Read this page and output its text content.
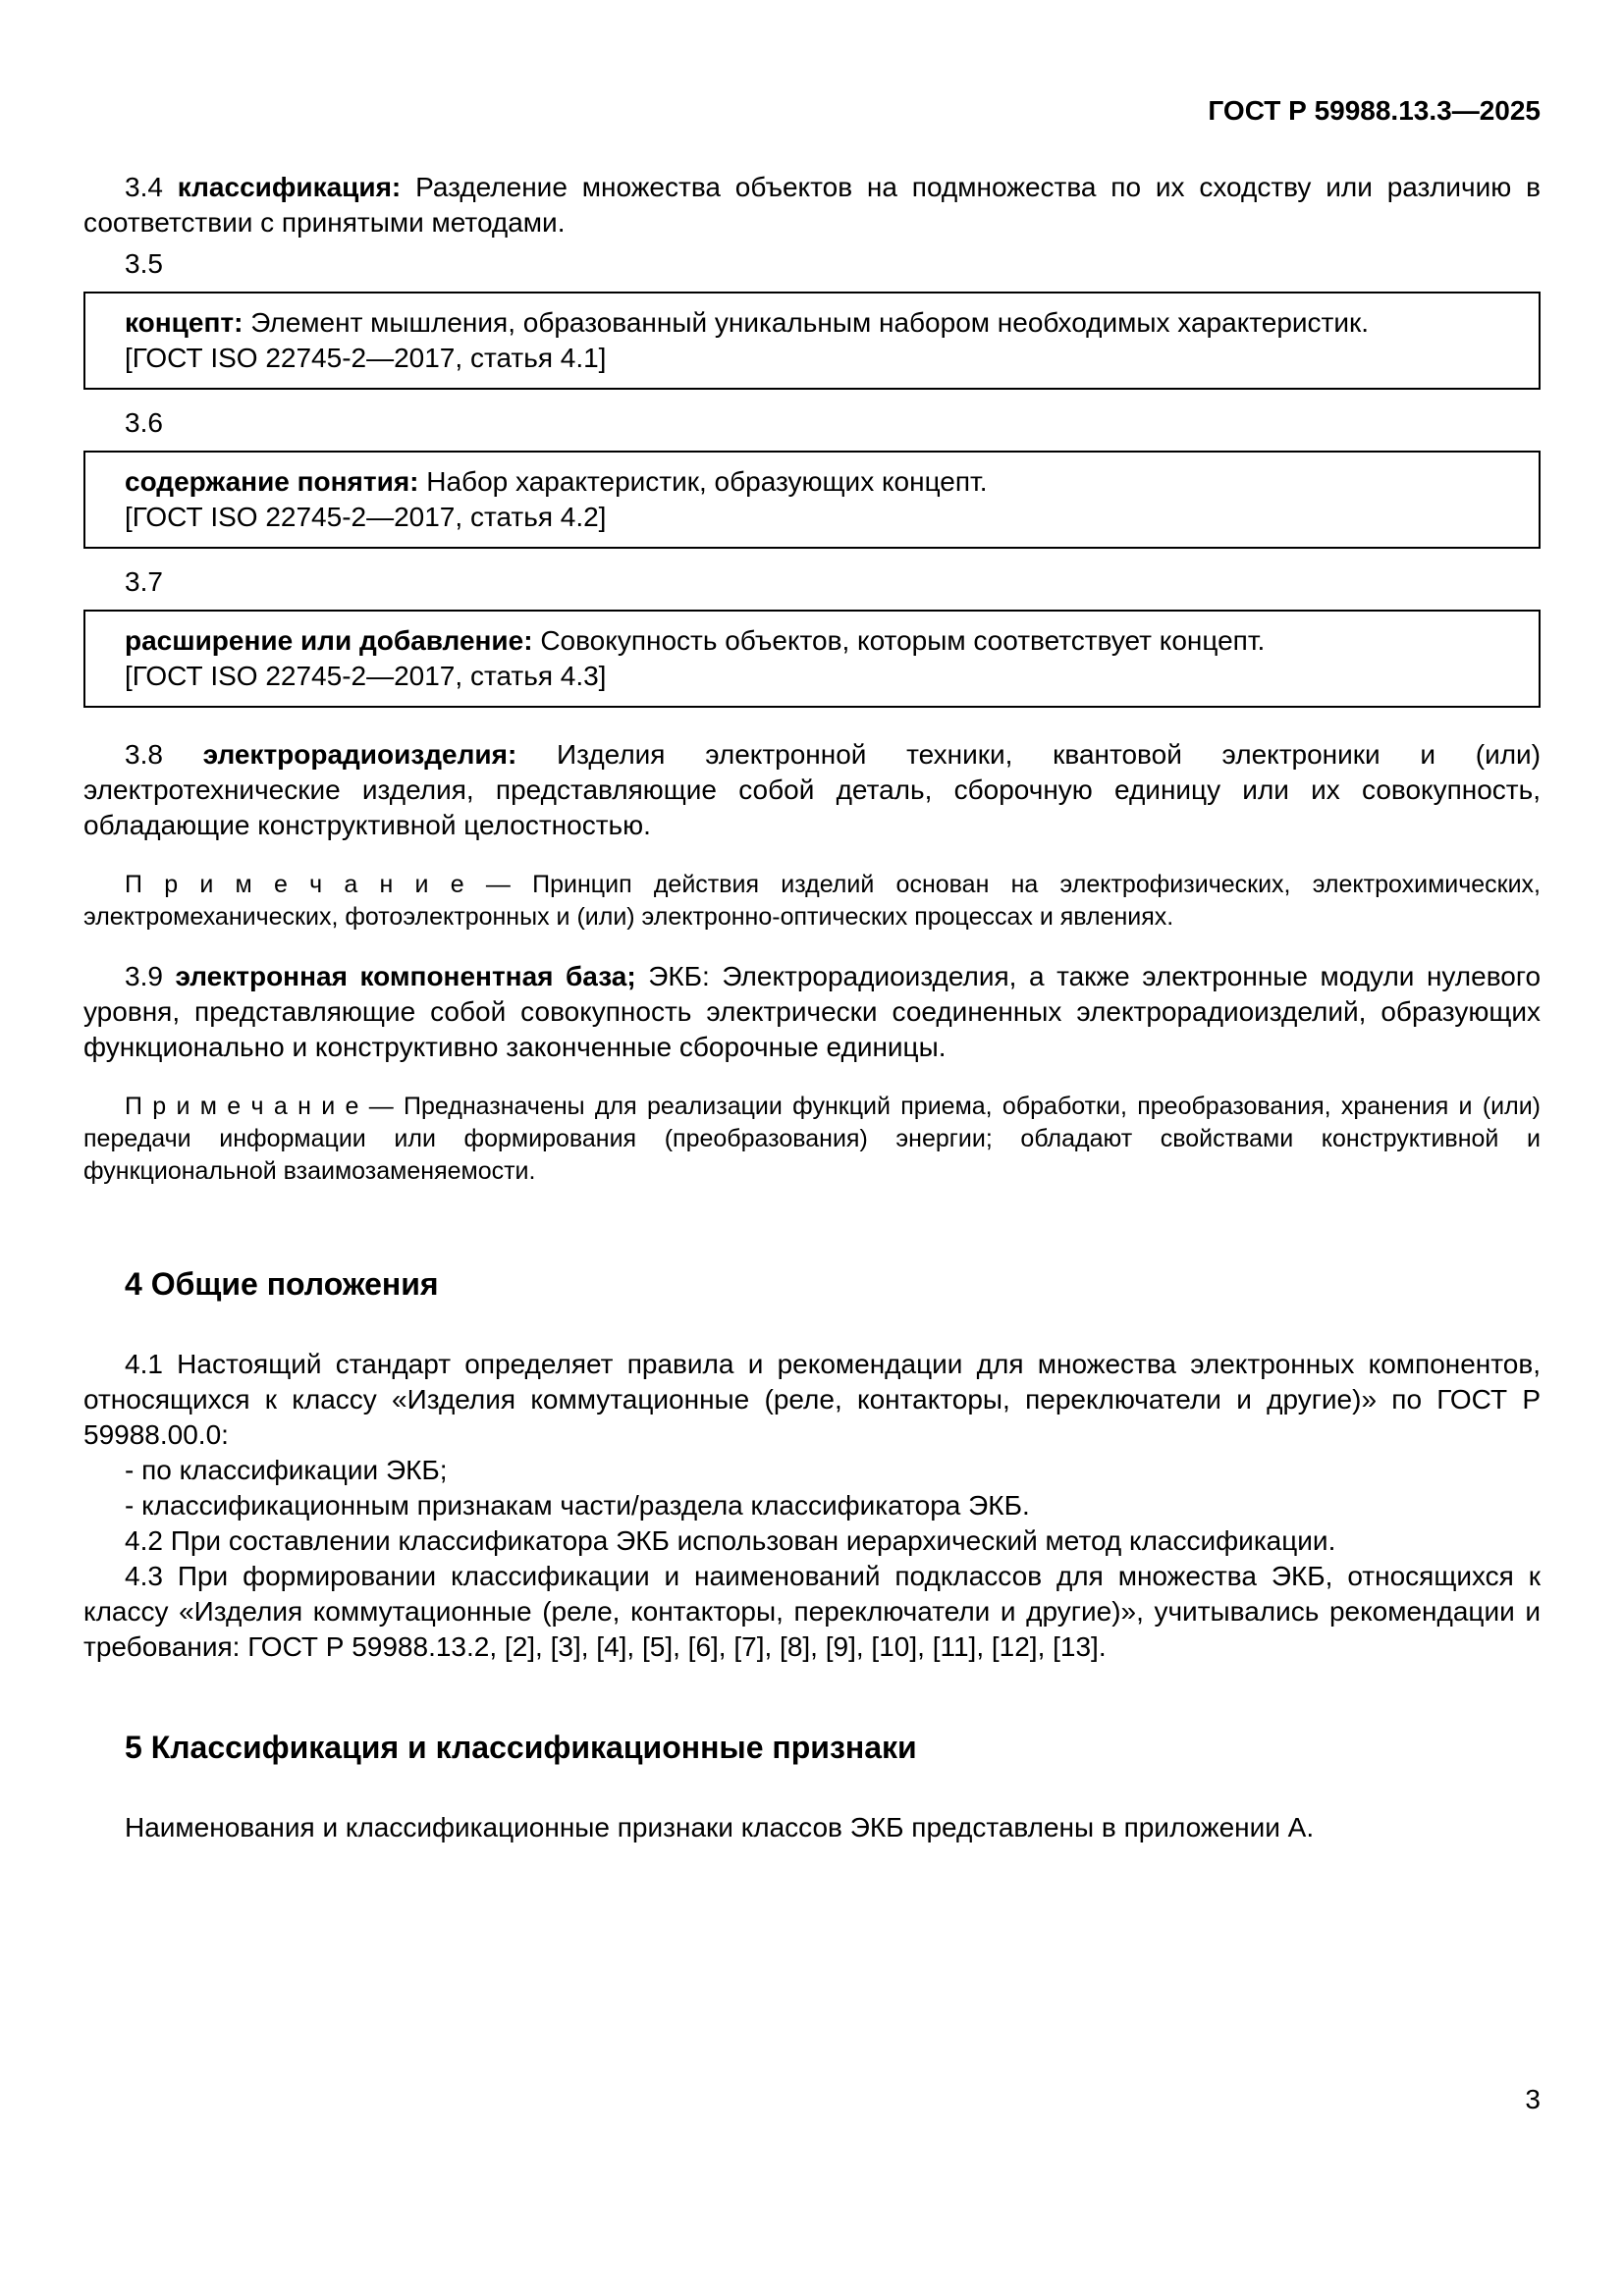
ГОСТ Р 59988.13.3—2025

3.4 классификация: Разделение множества объектов на подмножества по их сходству или различию в соответствии с принятыми методами.

3.5

концепт: Элемент мышления, образованный уникальным набором необходимых характеристик.

[ГОСТ ISO 22745-2—2017, статья 4.1]

3.6

содержание понятия: Набор характеристик, образующих концепт.

[ГОСТ ISO 22745-2—2017, статья 4.2]

3.7

расширение или добавление: Совокупность объектов, которым соответствует концепт.

[ГОСТ ISO 22745-2—2017, статья 4.3]

3.8 электрорадиоизделия: Изделия электронной техники, квантовой электроники и (или) электротехнические изделия, представляющие собой деталь, сборочную единицу или их совокупность, обладающие конструктивной целостностью.

П р и м е ч а н и е — Принцип действия изделий основан на электрофизических, электрохимических, электромеханических, фотоэлектронных и (или) электронно-оптических процессах и явлениях.

3.9 электронная компонентная база; ЭКБ: Электрорадиоизделия, а также электронные модули нулевого уровня, представляющие собой совокупность электрически соединенных электрорадиоизделий, образующих функционально и конструктивно законченные сборочные единицы.

П р и м е ч а н и е — Предназначены для реализации функций приема, обработки, преобразования, хранения и (или) передачи информации или формирования (преобразования) энергии; обладают свойствами конструктивной и функциональной взаимозаменяемости.

4 Общие положения

4.1 Настоящий стандарт определяет правила и рекомендации для множества электронных компонентов, относящихся к классу «Изделия коммутационные (реле, контакторы, переключатели и другие)» по ГОСТ Р 59988.00.0:

- по классификации ЭКБ;

- классификационным признакам части/раздела классификатора ЭКБ.

4.2 При составлении классификатора ЭКБ использован иерархический метод классификации.

4.3 При формировании классификации и наименований подклассов для множества ЭКБ, относящихся к классу «Изделия коммутационные (реле, контакторы, переключатели и другие)», учитывались рекомендации и требования: ГОСТ Р 59988.13.2, [2], [3], [4], [5], [6], [7], [8], [9], [10], [11], [12], [13].

5 Классификация и классификационные признаки

Наименования и классификационные признаки классов ЭКБ представлены в приложении А.

3
